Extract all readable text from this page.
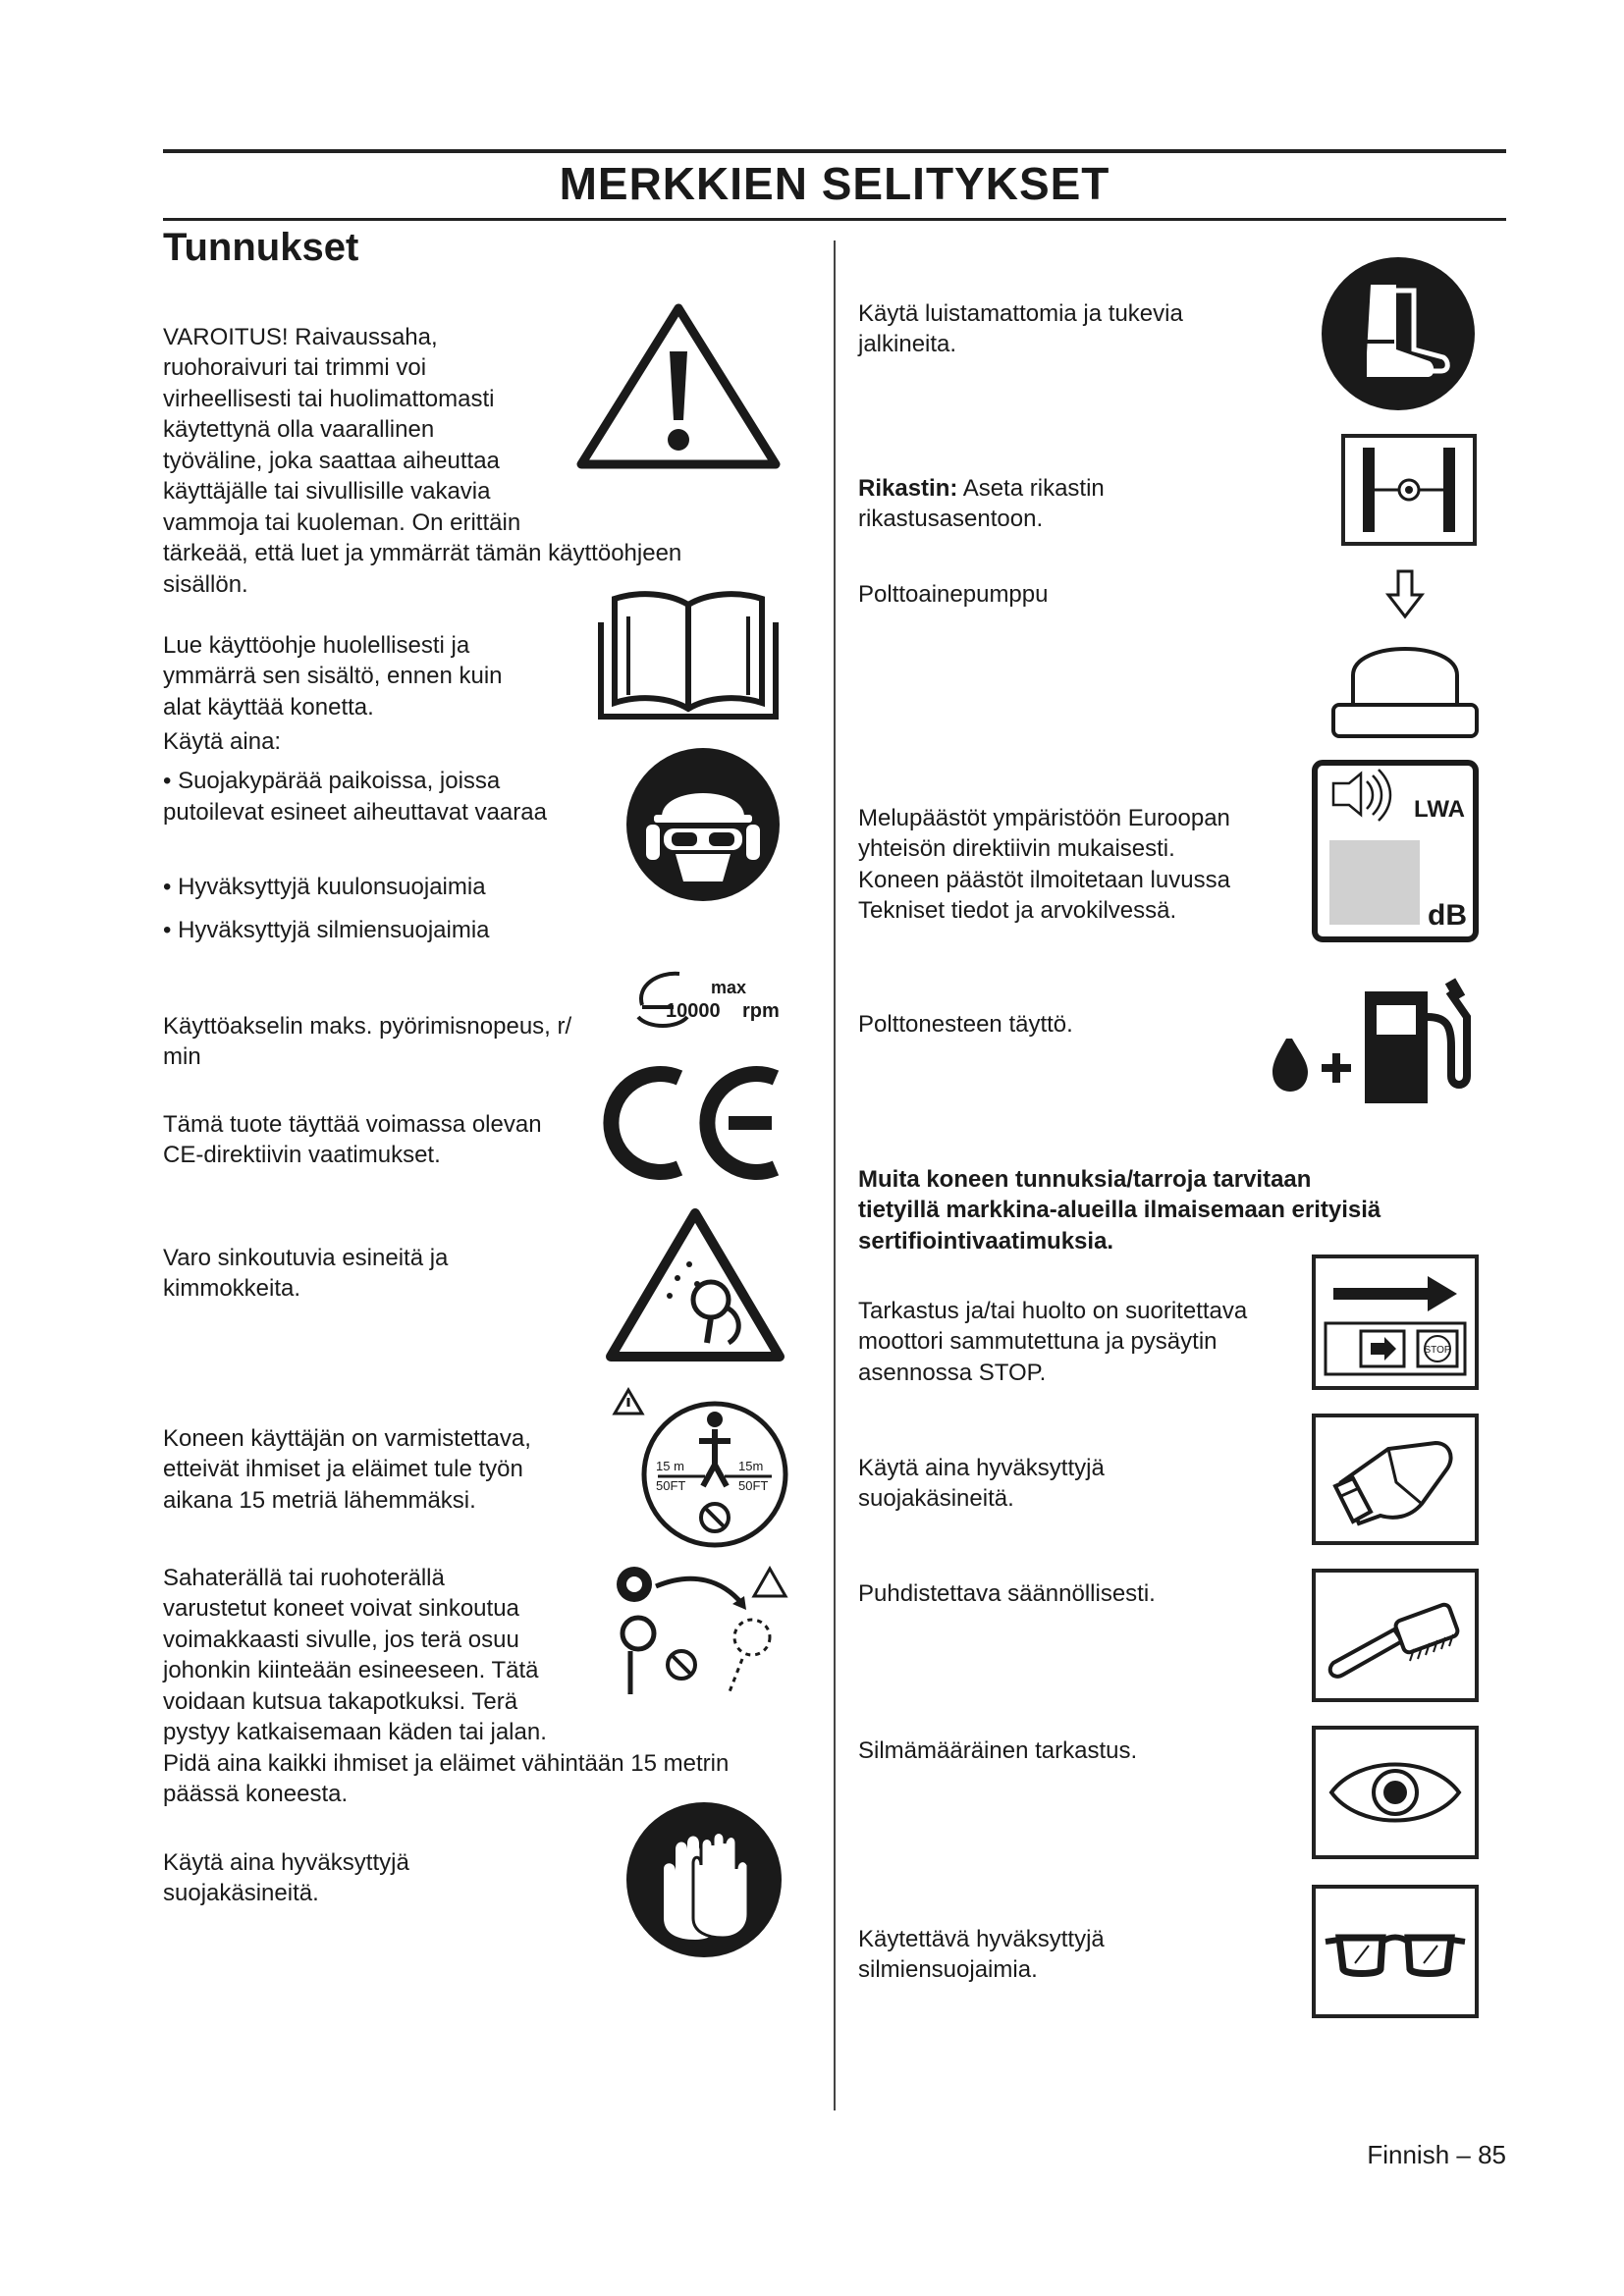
MERKKIEN SELITYKSET
Tunnukset

VAROITUS! Raivaussaha,
ruohoraivuri tai trimmi voi
virheellisesti tai huolimattomasti
käytettynä olla vaarallinen
työväline, joka saattaa aiheuttaa
käyttäjälle tai sivullisille vakavia
vammoja tai kuoleman. On erittäin
tärkeää, että luet ja ymmärrät tämän käyttöohjeen
sisällön.

Lue käyttöohje huolellisesti ja
ymmärrä sen sisältö, ennen kuin
alat käyttää konetta.

Käytä aina:
• Suojakypärää paikoissa, joissa putoilevat esineet aiheuttavat vaaraa
• Hyväksyttyjä kuulonsuojaimia
• Hyväksyttyjä silmiensuojaimia

Käyttöakselin maks. pyörimisnopeus, r/
min

max
10000 rpm

Tämä tuote täyttää voimassa olevan
CE-direktiivin vaatimukset.

Varo sinkoutuvia esineitä ja
kimmokkeita.

Koneen käyttäjän on varmistettava,
etteivät ihmiset ja eläimet tule työn
aikana 15 metriä lähemmäksi.

15 m
50FT
15m
50FT

Sahaterällä tai ruohoterällä
varustetut koneet voivat sinkoutua
voimakkaasti sivulle, jos terä osuu
johonkin kiinteään esineeseen. Tätä
voidaan kutsua takapotkuksi. Terä
pystyy katkaisemaan käden tai jalan.
Pidä aina kaikki ihmiset ja eläimet vähintään 15 metrin
päässä koneesta.

Käytä aina hyväksyttyjä
suojakäsineitä.

Käytä luistamattomia ja tukevia
jalkineita.

Rikastin: Aseta rikastin
rikastusasentoon.

Polttoainepumppu

Melupäästöt ympäristöön Euroopan
yhteisön direktiivin mukaisesti.
Koneen päästöt ilmoitetaan luvussa
Tekniset tiedot ja arvokilvessä.

LWA
dB
Polttonesteen täyttö.

Muita koneen tunnuksia/tarroja tarvitaan
tietyillä markkina-alueilla ilmaisemaan erityisiä
sertifiointivaatimuksia.

Tarkastus ja/tai huolto on suoritettava
moottori sammutettuna ja pysäytin
asennossa STOP.

STOP

Käytä aina hyväksyttyjä
suojakäsineitä.

Puhdistettava säännöllisesti.
Silmämääräinen tarkastus.

Käytettävä hyväksyttyjä
silmiensuojaimia.

Finnish – 85
